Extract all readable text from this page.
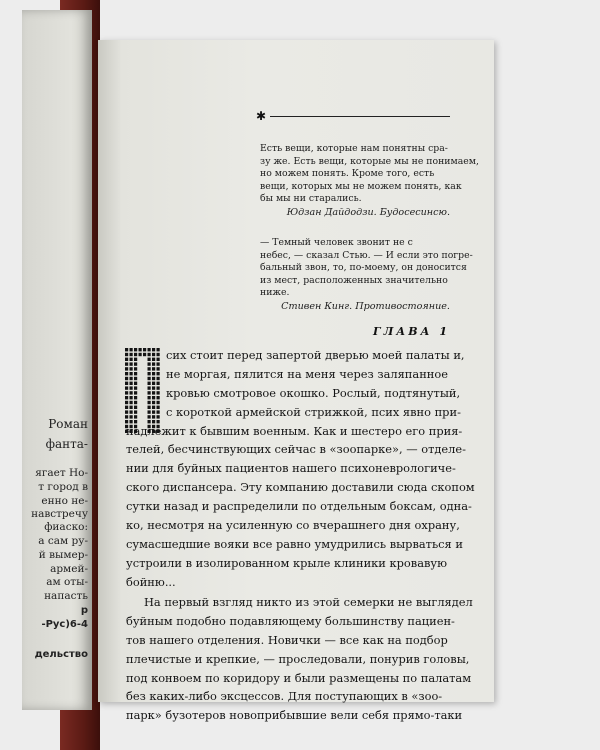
Роман
фанта-
ягает Но-
т город в
енно не-
навстречу
фиаско:
а сам ру-
й вымер-
армей-
ам оты-
напасть
р
-Рус)6-4
дельство
✱
Есть вещи, которые нам понятны сра-
зу же. Есть вещи, которые мы не понимаем,
но можем понять. Кроме того, есть
вещи, которых мы не можем понять, как
бы мы ни старались.
Юдзан Дайдодзи. Будосесинсю.
— Темный человек звонит не с
небес, — сказал Стью. — И если это погре-
бальный звон, то, по-моему, он доносится
из мест, расположенных значительно
ниже.
Стивен Кинг. Противостояние.
ГЛАВА 1
сих стоит перед запертой дверью моей палаты и,
не моргая, пялится на меня через заляпанное
кровью смотровое окошко. Рослый, подтянутый,
с короткой армейской стрижкой, псих явно при-
надлежит к бывшим военным. Как и шестеро его прия-
телей, бесчинствующих сейчас в «зоопарке», — отделе-
нии для буйных пациентов нашего психоневрологиче-
ского диспансера. Эту компанию доставили сюда скопом
сутки назад и распределили по отдельным боксам, одна-
ко, несмотря на усиленную со вчерашнего дня охрану,
сумасшедшие вояки все равно умудрились вырваться и
устроили в изолированном крыле клиники кровавую
бойню...
На первый взгляд никто из этой семерки не выглядел
буйным подобно подавляющему большинству пациен-
тов нашего отделения. Новички — все как на подбор
плечистые и крепкие, — проследовали, понурив головы,
под конвоем по коридору и были размещены по палатам
без каких-либо эксцессов. Для поступающих в «зоо-
парк» бузотеров новоприбывшие вели себя прямо-таки
